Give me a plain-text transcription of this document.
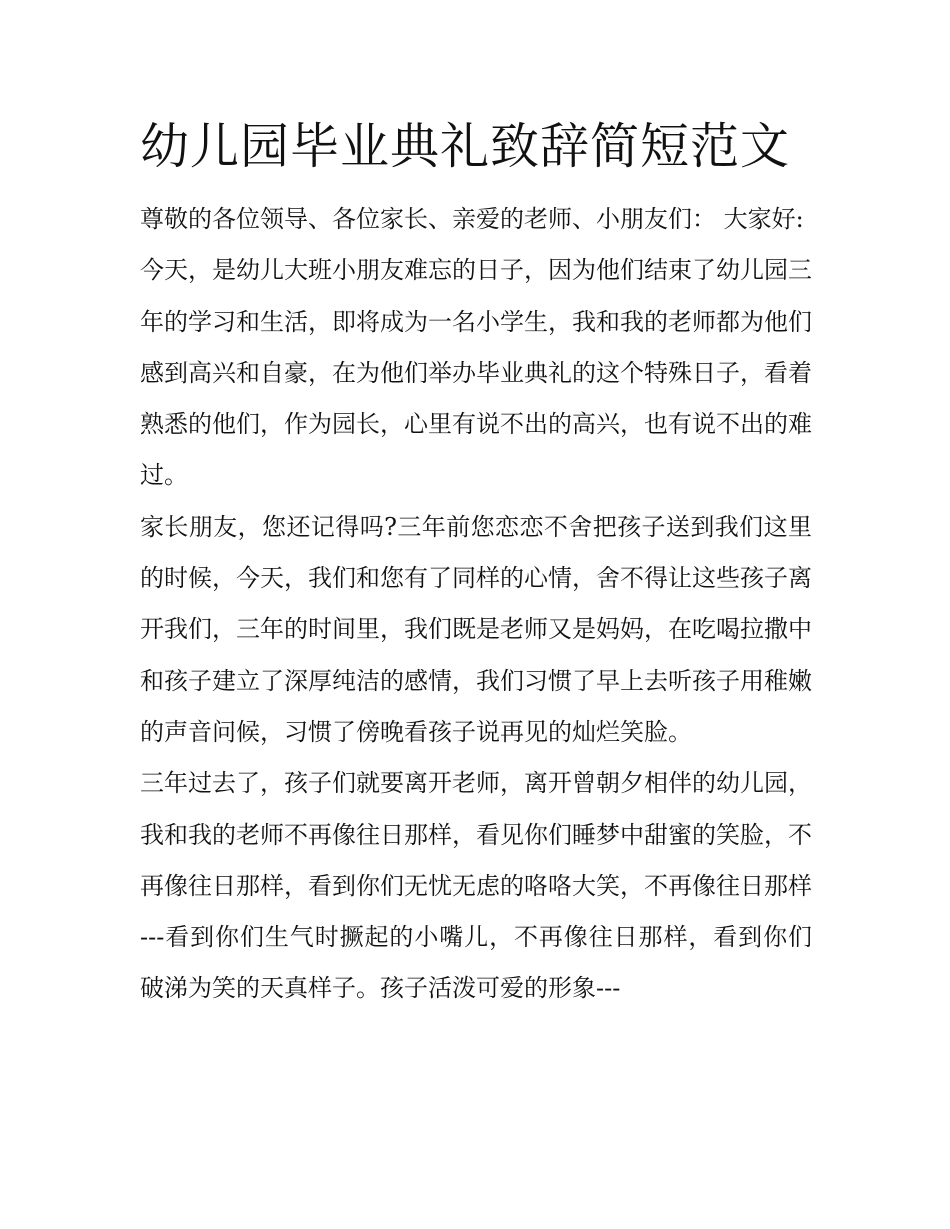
幼儿园毕业典礼致辞简短范文

尊敬的各位领导、各位家长、亲爱的老师、小朋友们： 大家好:

今天，是幼儿大班小朋友难忘的日子，因为他们结束了幼儿园三年的学习和生活，即将成为一名小学生，我和我的老师都为他们感到高兴和自豪，在为他们举办毕业典礼的这个特殊日子，看着熟悉的他们，作为园长，心里有说不出的高兴，也有说不出的难过。

家长朋友，您还记得吗?三年前您恋恋不舍把孩子送到我们这里的时候，今天，我们和您有了同样的心情，舍不得让这些孩子离开我们，三年的时间里，我们既是老师又是妈妈，在吃喝拉撒中和孩子建立了深厚纯洁的感情，我们习惯了早上去听孩子用稚嫩的声音问候，习惯了傍晚看孩子说再见的灿烂笑脸。

三年过去了，孩子们就要离开老师，离开曾朝夕相伴的幼儿园，我和我的老师不再像往日那样，看见你们睡梦中甜蜜的笑脸，不再像往日那样，看到你们无忧无虑的咯咯大笑，不再像往日那样

---看到你们生气时撅起的小嘴儿，不再像往日那样，看到你们破涕为笑的天真样子。孩子活泼可爱的形象---
